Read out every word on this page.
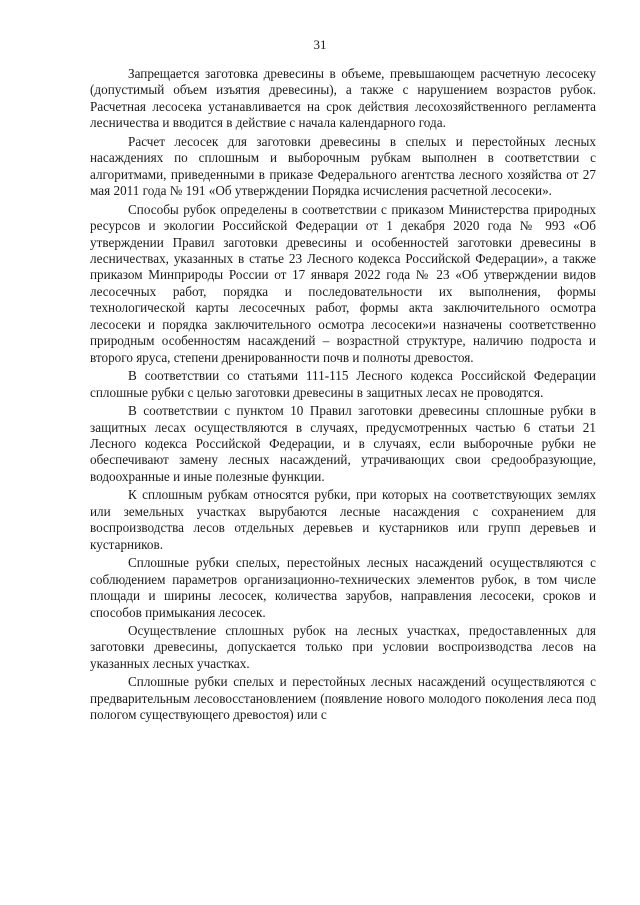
31

Запрещается заготовка древесины в объеме, превышающем расчетную лесосеку (допустимый объем изъятия древесины), а также с нарушением возрастов рубок. Расчетная лесосека устанавливается на срок действия лесохозяйственного регламента лесничества и вводится в действие с начала календарного года.

Расчет лесосек для заготовки древесины в спелых и перестойных лесных насаждениях по сплошным и выборочным рубкам выполнен в соответствии с алгоритмами, приведенными в приказе Федерального агентства лесного хозяйства от 27 мая 2011 года № 191 «Об утверждении Порядка исчисления расчетной лесосеки».

Способы рубок определены в соответствии с приказом Министерства природных ресурсов и экологии Российской Федерации от 1 декабря 2020 года № 993 «Об утверждении Правил заготовки древесины и особенностей заготовки древесины в лесничествах, указанных в статье 23 Лесного кодекса Российской Федерации», а также приказом Минприроды России от 17 января 2022 года № 23 «Об утверждении видов лесосечных работ, порядка и последовательности их выполнения, формы технологической карты лесосечных работ, формы акта заключительного осмотра лесосеки и порядка заключительного осмотра лесосеки»и назначены соответственно природным особенностям насаждений – возрастной структуре, наличию подроста и второго яруса, степени дренированности почв и полноты древостоя.

В соответствии со статьями 111-115 Лесного кодекса Российской Федерации сплошные рубки с целью заготовки древесины в защитных лесах не проводятся.

В соответствии с пунктом 10 Правил заготовки древесины сплошные рубки в защитных лесах осуществляются в случаях, предусмотренных частью 6 статьи 21 Лесного кодекса Российской Федерации, и в случаях, если выборочные рубки не обеспечивают замену лесных насаждений, утрачивающих свои средообразующие, водоохранные и иные полезные функции.

К сплошным рубкам относятся рубки, при которых на соответствующих землях или земельных участках вырубаются лесные насаждения с сохранением для воспроизводства лесов отдельных деревьев и кустарников или групп деревьев и кустарников.

Сплошные рубки спелых, перестойных лесных насаждений осуществляются с соблюдением параметров организационно-технических элементов рубок, в том числе площади и ширины лесосек, количества зарубов, направления лесосеки, сроков и способов примыкания лесосек.

Осуществление сплошных рубок на лесных участках, предоставленных для заготовки древесины, допускается только при условии воспроизводства лесов на указанных лесных участках.

Сплошные рубки спелых и перестойных лесных насаждений осуществляются с предварительным лесовосстановлением (появление нового молодого поколения леса под пологом существующего древостоя) или с
